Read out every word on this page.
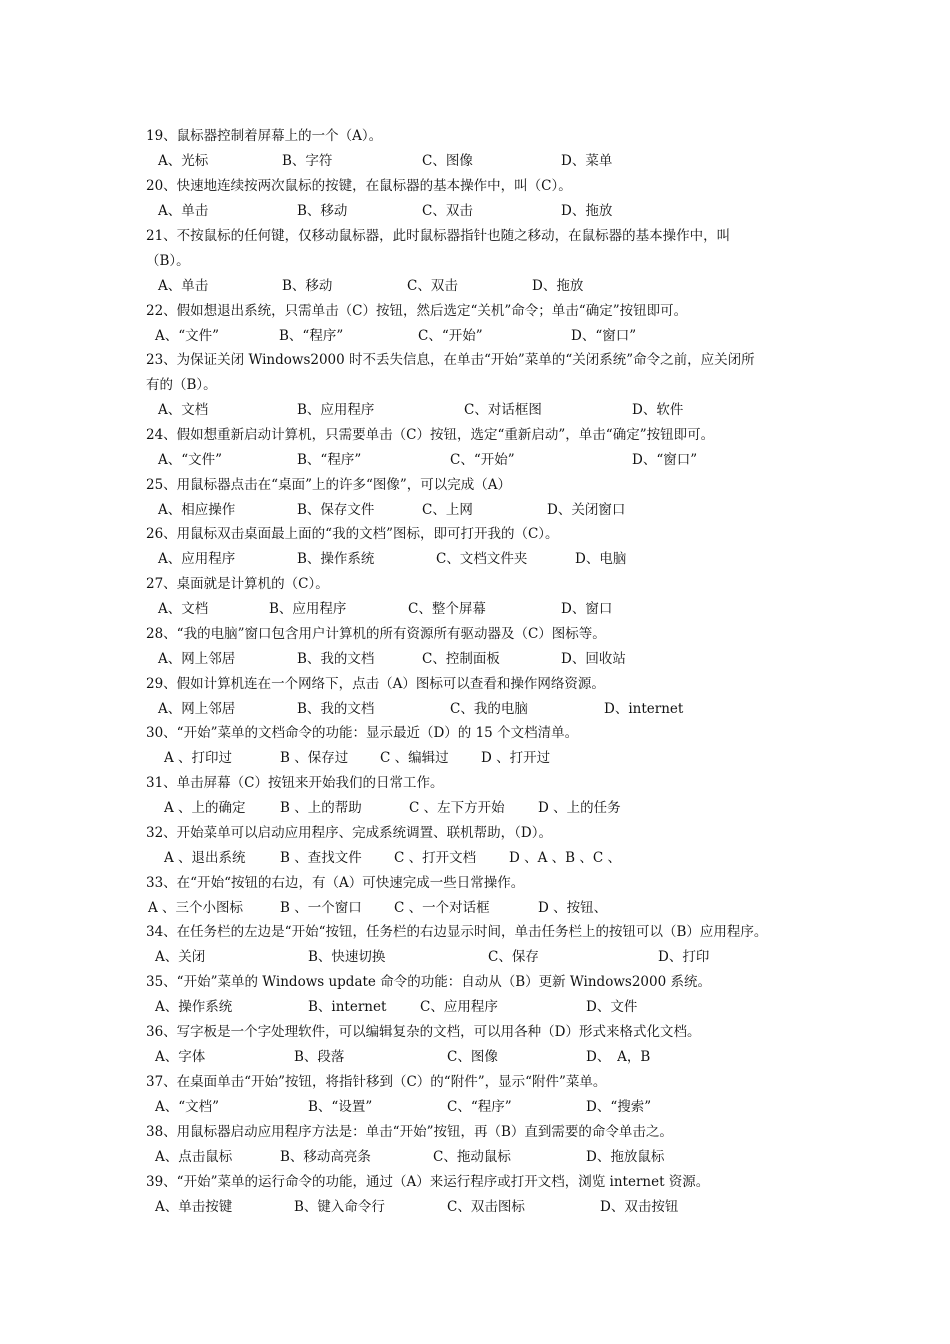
19、鼠标器控制着屏幕上的一个（A）。
A、光标	B、字符	C、图像	D、菜单
20、快速地连续按两次鼠标的按键，在鼠标器的基本操作中，叫（C）。
A、单击	B、移动	C、双击	D、拖放
21、不按鼠标的任何键，仅移动鼠标器，此时鼠标器指针也随之移动，在鼠标器的基本操作中，叫
（B）。
A、单击	B、移动	C、双击	D、拖放
22、假如想退出系统，只需单击（C）按钮，然后选定“关机”命令；单击“确定”按钮即可。
A、“文件”	B、“程序”	C、“开始”	D、“窗口”
23、为保证关闭 Windows2000 时不丢失信息，在单击“开始”菜单的“关闭系统”命令之前，应关闭所
有的（B）。
A、文档	B、应用程序	C、对话框图	D、软件
24、假如想重新启动计算机，只需要单击（C）按钮，选定“重新启动”，单击“确定”按钮即可。
A、“文件”	B、“程序”	C、“开始”	D、“窗口”
25、用鼠标器点击在“桌面”上的许多“图像”，可以完成（A）
A、相应操作	B、保存文件	C、上网	D、关闭窗口
26、用鼠标双击桌面最上面的“我的文档”图标，即可打开我的（C）。
A、应用程序	B、操作系统	C、文档文件夹	D、电脑
27、桌面就是计算机的（C）。
A、文档	B、应用程序	C、整个屏幕	D、窗口
28、“我的电脑”窗口包含用户计算机的所有资源所有驱动器及（C）图标等。
A、网上邻居	B、我的文档	C、控制面板	D、回收站
29、假如计算机连在一个网络下，点击（A）图标可以查看和操作网络资源。
A、网上邻居	B、我的文档	C、我的电脑	D、internet
30、“开始”菜单的文档命令的功能：显示最近（D）的 15 个文档清单。
A 、打印过	B 、保存过 C 、编辑过 D 、打开过
31、单击屏幕（C）按钮来开始我们的日常工作。
A 、上的确定	B 、上的帮助	C 、左下方开始 D 、上的任务
32、开始菜单可以启动应用程序、完成系统调置、联机帮助，（D）。
A 、退出系统	B 、查找文件 C 、打开文档 D 、A 、B 、C 、
33、在“开始“按钮的右边，有（A）可快速完成一些日常操作。
A 、三个小图标	B 、一个窗口 C 、一个对话框	D 、按钮、
34、在任务栏的左边是“开始“按钮，任务栏的右边显示时间，单击任务栏上的按钮可以（B）应用程序。
A、关闭	B、快速切换	C、保存	D、打印
35、“开始”菜单的 Windows update 命令的功能：自动从（B）更新 Windows2000 系统。
A、操作系统	B、internet C、应用程序	D、文件
36、写字板是一个字处理软件，可以编辑复杂的文档，可以用各种（D）形式来格式化文档。
A、字体	B、段落	C、图像	D、　A，B
37、在桌面单击“开始”按钮，将指针移到（C）的“附件”，显示“附件”菜单。
A、“文档”	B、“设置”	C、“程序”	D、“搜索”
38、用鼠标器启动应用程序方法是：单击“开始”按钮，再（B）直到需要的命令单击之。
A、点击鼠标	B、移动高亮条	C、拖动鼠标	D、拖放鼠标
39、“开始”菜单的运行命令的功能，通过（A）来运行程序或打开文档，浏览 internet 资源。
A、单击按键	B、键入命令行	C、双击图标	D、双击按钮
